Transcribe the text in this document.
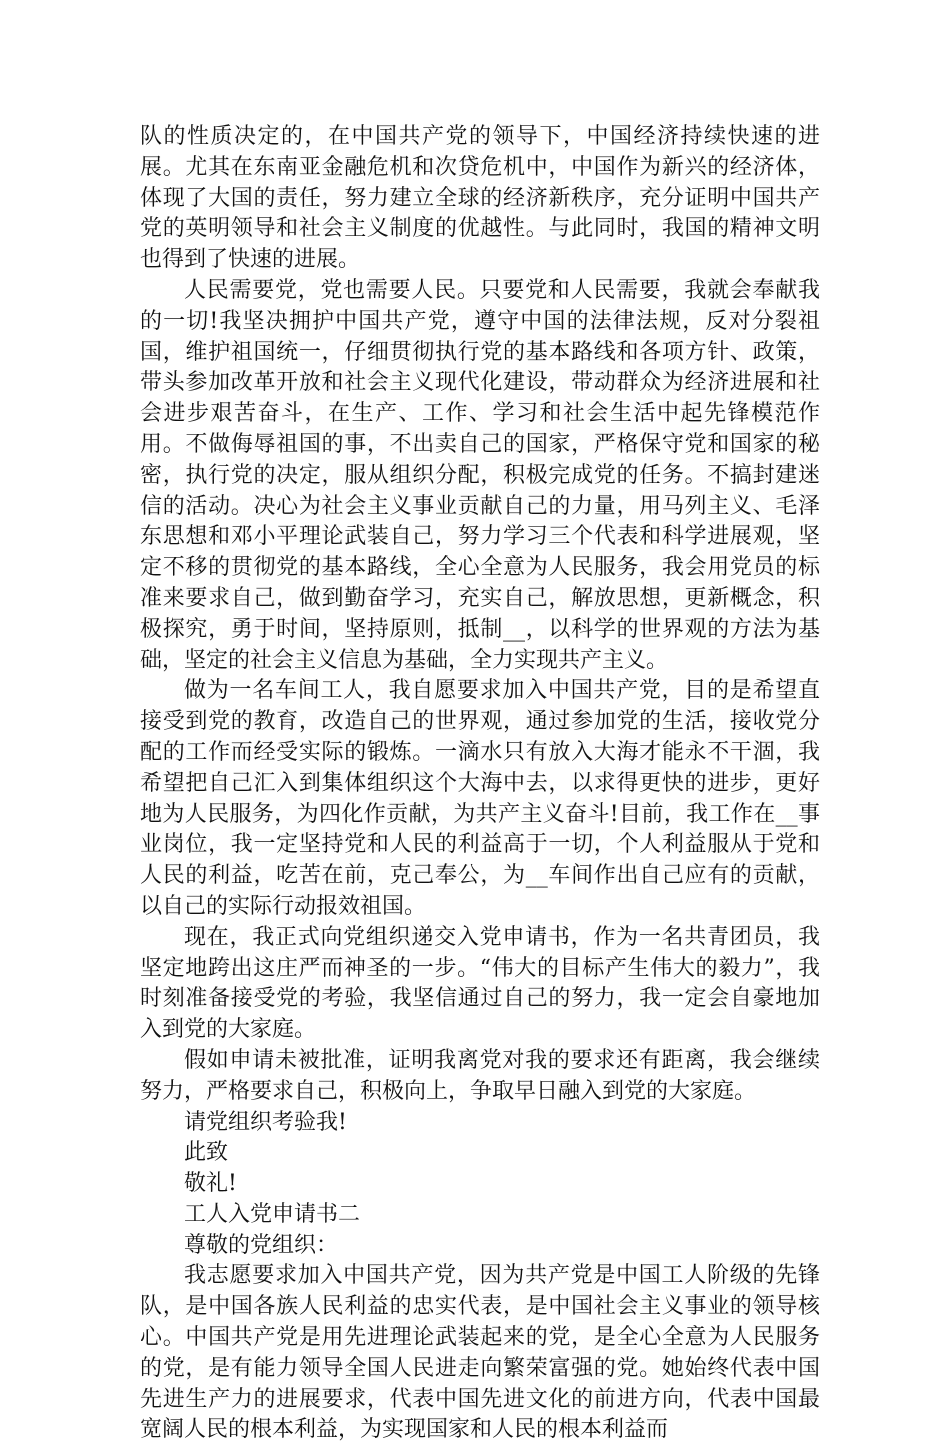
队的性质决定的，在中国共产党的领导下，中国经济持续快速的进展。尤其在东南亚金融危机和次贷危机中，中国作为新兴的经济体，体现了大国的责任，努力建立全球的经济新秩序，充分证明中国共产党的英明领导和社会主义制度的优越性。与此同时，我国的精神文明也得到了快速的进展。

人民需要党，党也需要人民。只要党和人民需要，我就会奉献我的一切!我坚决拥护中国共产党，遵守中国的法律法规，反对分裂祖国，维护祖国统一，仔细贯彻执行党的基本路线和各项方针、政策，带头参加改革开放和社会主义现代化建设，带动群众为经济进展和社会进步艰苦奋斗，在生产、工作、学习和社会生活中起先锋模范作用。不做侮辱祖国的事，不出卖自己的国家，严格保守党和国家的秘密，执行党的决定，服从组织分配，积极完成党的任务。不搞封建迷信的活动。决心为社会主义事业贡献自己的力量，用马列主义、毛泽东思想和邓小平理论武装自己，努力学习三个代表和科学进展观，坚定不移的贯彻党的基本路线，全心全意为人民服务，我会用党员的标准来要求自己，做到勤奋学习，充实自己，解放思想，更新概念，积极探究，勇于时间，坚持原则，抵制__，以科学的世界观的方法为基础，坚定的社会主义信息为基础，全力实现共产主义。

做为一名车间工人，我自愿要求加入中国共产党，目的是希望直接受到党的教育，改造自己的世界观，通过参加党的生活，接收党分配的工作而经受实际的锻炼。一滴水只有放入大海才能永不干涸，我希望把自己汇入到集体组织这个大海中去，以求得更快的进步，更好地为人民服务，为四化作贡献，为共产主义奋斗!目前，我工作在__事业岗位，我一定坚持党和人民的利益高于一切，个人利益服从于党和人民的利益，吃苦在前，克己奉公，为__车间作出自己应有的贡献，以自己的实际行动报效祖国。

现在，我正式向党组织递交入党申请书，作为一名共青团员，我坚定地跨出这庄严而神圣的一步。“伟大的目标产生伟大的毅力”，我时刻准备接受党的考验，我坚信通过自己的努力，我一定会自豪地加入到党的大家庭。

假如申请未被批准，证明我离党对我的要求还有距离，我会继续努力，严格要求自己，积极向上，争取早日融入到党的大家庭。

请党组织考验我!

此致

敬礼!

工人入党申请书二

尊敬的党组织：

我志愿要求加入中国共产党，因为共产党是中国工人阶级的先锋队，是中国各族人民利益的忠实代表，是中国社会主义事业的领导核心。中国共产党是用先进理论武装起来的党，是全心全意为人民服务的党，是有能力领导全国人民进走向繁荣富强的党。她始终代表中国先进生产力的进展要求，代表中国先进文化的前进方向，代表中国最宽阔人民的根本利益，为实现国家和人民的根本利益而
